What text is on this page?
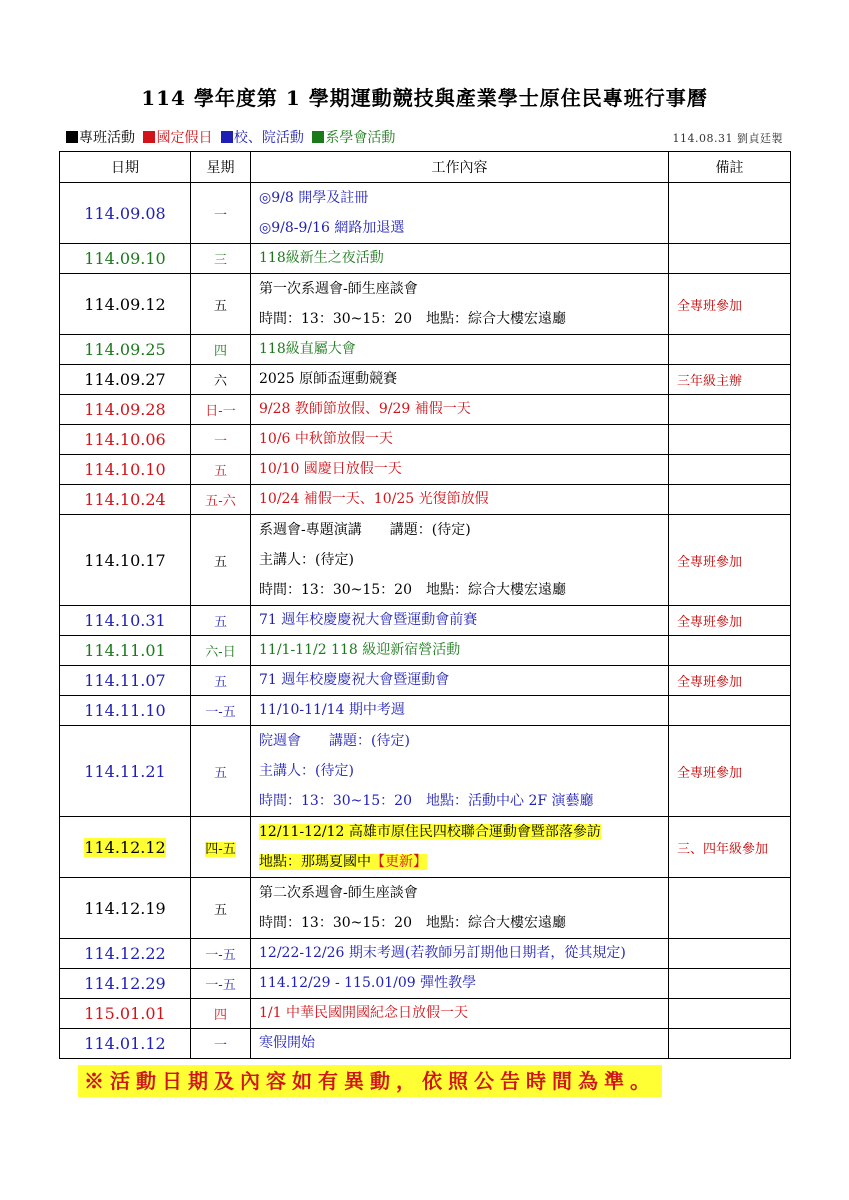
114 學年度第 1 學期運動競技與產業學士原住民專班行事曆
專班活動 國定假日 校、院活動 系學會活動	114.08.31 劉貞廷製
日期	星期	工作內容	備註
114.09.08	一	◎9/8 開學及註冊
◎9/8-9/16 網路加退選	

114.09.10	三	118級新生之夜活動	

114.09.12	五	第一次系週會-師生座談會
時間：13：30~15：20　地點：綜合大樓宏遠廳	全專班參加
114.09.25	四	118級直屬大會	

114.09.27	六	2025 原師盃運動競賽	三年級主辦
114.09.28	日-一	9/28 教師節放假、9/29 補假一天	

114.10.06	一	10/6 中秋節放假一天	

114.10.10	五	10/10 國慶日放假一天	

114.10.24	五-六	10/24 補假一天、10/25 光復節放假	

114.10.17	五	系週會-專題演講　　講題：(待定)
主講人：(待定)
時間：13：30~15：20　地點：綜合大樓宏遠廳	全專班參加
114.10.31	五	71 週年校慶慶祝大會暨運動會前賽	全專班參加
114.11.01	六-日	11/1-11/2 118 級迎新宿營活動	

114.11.07	五	71 週年校慶慶祝大會暨運動會	全專班參加
114.11.10	一-五	11/10-11/14 期中考週	

114.11.21	五	院週會　　講題：(待定)
主講人：(待定)
時間：13：30~15：20　地點：活動中心 2F 演藝廳	全專班參加
114.12.12	四-五	12/11-12/12 高雄市原住民四校聯合運動會暨部落參訪
地點：那瑪夏國中【更新】	三、四年級參加
114.12.19	五	第二次系週會-師生座談會
時間：13：30~15：20　地點：綜合大樓宏遠廳	

114.12.22	一-五	12/22-12/26 期末考週(若教師另訂期他日期者，從其規定)	

114.12.29	一-五	114.12/29 - 115.01/09 彈性教學	

115.01.01	四	1/1 中華民國開國紀念日放假一天	

114.01.12	一	寒假開始	

※活動日期及內容如有異動，依照公告時間為準。
